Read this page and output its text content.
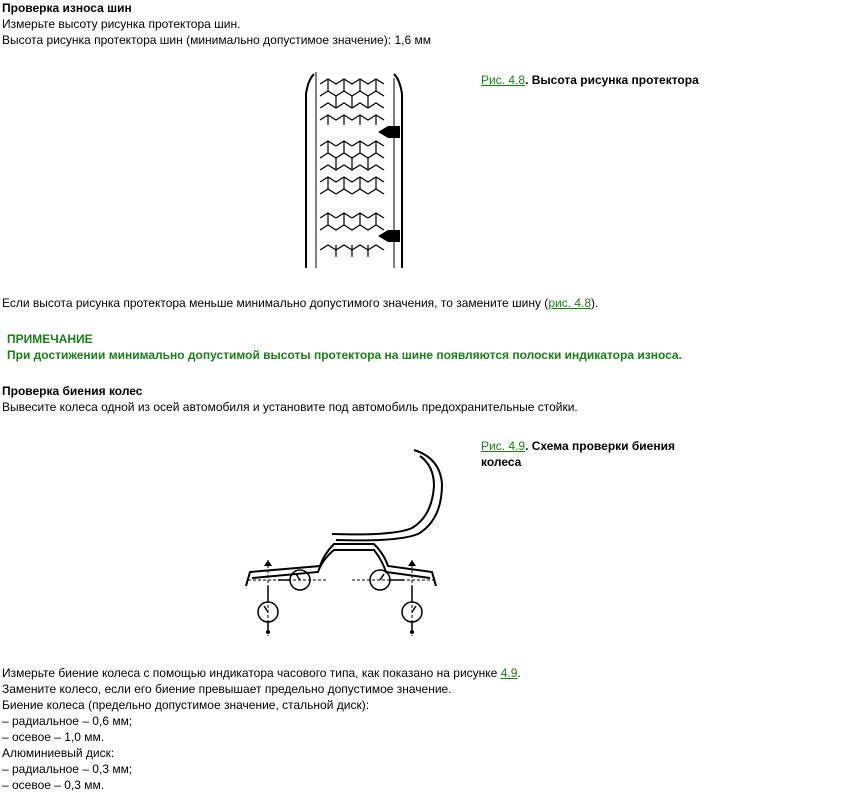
Проверка износа шин
Измерьте высоту рисунка протектора шин.
Высота рисунка протектора шин (минимально допустимое значение): 1,6 мм
Рис. 4.8. Высота рисунка протектора
Если высота рисунка протектора меньше минимально допустимого значения, то замените шину (рис. 4.8).
ПРИМЕЧАНИЕ
При достижении минимально допустимой высоты протектора на шине появляются полоски индикатора износа.
Проверка биения колес
Вывесите колеса одной из осей автомобиля и установите под автомобиль предохранительные стойки.
Рис. 4.9. Схема проверки биения
колеса
Измерьте биение колеса с помощью индикатора часового типа, как показано на рисунке 4.9.
Замените колесо, если его биение превышает предельно допустимое значение.
Биение колеса (предельно допустимое значение, стальной диск):
– радиальное – 0,6 мм;
– осевое – 1,0 мм.
Алюминиевый диск:
– радиальное – 0,3 мм;
– осевое – 0,3 мм.
